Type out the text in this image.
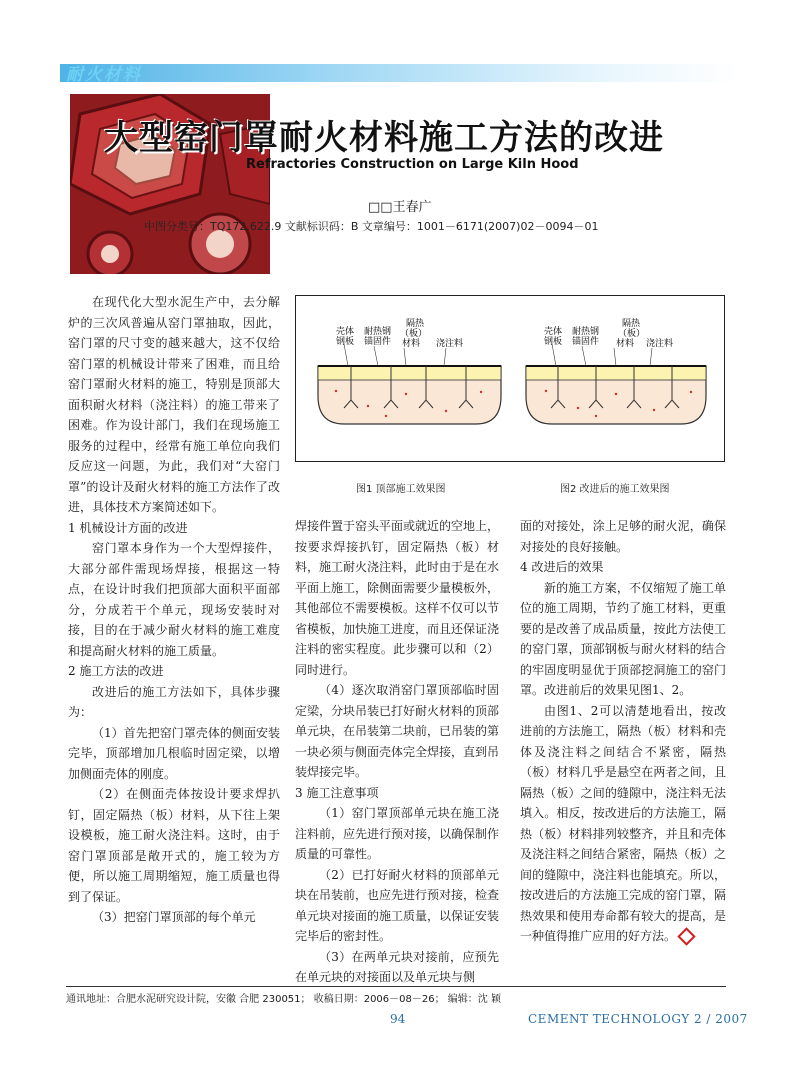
耐火材料
大型窑门罩耐火材料施工方法的改进
Refractories Construction on Large Kiln Hood
□□王春广
中图分类号：TQ172.622.9 文献标识码：B 文章编号：1001－6171(2007)02－0094－01

在现代化大型水泥生产中，去分解炉的三次风普遍从窑门罩抽取，因此，窑门罩的尺寸变的越来越大，这不仅给窑门罩的机械设计带来了困难，而且给窑门罩耐火材料的施工，特别是顶部大面积耐火材料（浇注料）的施工带来了困难。作为设计部门，我们在现场施工服务的过程中，经常有施工单位向我们反应这一问题，为此，我们对“大窑门罩”的设计及耐火材料的施工方法作了改进，具体技术方案简述如下。

1 机械设计方面的改进

窑门罩本身作为一个大型焊接件，大部分部件需现场焊接，根据这一特点，在设计时我们把顶部大面积平面部分，分成若干个单元，现场安装时对接，目的在于减少耐火材料的施工难度和提高耐火材料的施工质量。

2 施工方法的改进

改进后的施工方法如下，具体步骤为：

（1）首先把窑门罩壳体的侧面安装完毕，顶部增加几根临时固定梁，以增加侧面壳体的刚度。

（2）在侧面壳体按设计要求焊扒钉，固定隔热（板）材料，从下往上架设模板，施工耐火浇注料。这时，由于窑门罩顶部是敞开式的，施工较为方便，所以施工周期缩短，施工质量也得到了保证。

（3）把窑门罩顶部的每个单元

壳体
钢板
耐热钢
锚固件
隔热
（板）
材料 浇注料
壳体
钢板
耐热钢
锚固件
隔热
（板）
材料 浇注料
图1 顶部施工效果图	图2 改进后的施工效果图

焊接件置于窑头平面或就近的空地上，按要求焊接扒钉，固定隔热（板）材料，施工耐火浇注料，此时由于是在水平面上施工，除侧面需要少量模板外，其他部位不需要模板。这样不仅可以节省模板，加快施工进度，而且还保证浇注料的密实程度。此步骤可以和（2）同时进行。

（4）逐次取消窑门罩顶部临时固定梁，分块吊装已打好耐火材料的顶部单元块，在吊装第二块前，已吊装的第一块必须与侧面壳体完全焊接，直到吊装焊接完毕。

3 施工注意事项

（1）窑门罩顶部单元块在施工浇注料前，应先进行预对接，以确保制作质量的可靠性。

（2）已打好耐火材料的顶部单元块在吊装前，也应先进行预对接，检查单元块对接面的施工质量，以保证安装完毕后的密封性。

（3）在两单元块对接前，应预先在单元块的对接面以及单元块与侧

面的对接处，涂上足够的耐火泥，确保对接处的良好接触。

4 改进后的效果

新的施工方案，不仅缩短了施工单位的施工周期，节约了施工材料，更重要的是改善了成品质量，按此方法使工的窑门罩，顶部钢板与耐火材料的结合的牢固度明显优于顶部挖洞施工的窑门罩。改进前后的效果见图1、2。

由图1、2可以清楚地看出，按改进前的方法施工，隔热（板）材料和壳体及浇注料之间结合不紧密，隔热（板）材料几乎是悬空在两者之间，且隔热（板）之间的缝隙中，浇注料无法填入。相反，按改进后的方法施工，隔热（板）材料排列较整齐，并且和壳体及浇注料之间结合紧密，隔热（板）之间的缝隙中，浇注料也能填充。所以，按改进后的方法施工完成的窑门罩，隔热效果和使用寿命都有较大的提高，是一种值得推广应用的好方法。

通讯地址：合肥水泥研究设计院，安徽 合肥 230051； 收稿日期：2006－08－26； 编辑：沈 颖
94	CEMENT TECHNOLOGY 2 / 2007
